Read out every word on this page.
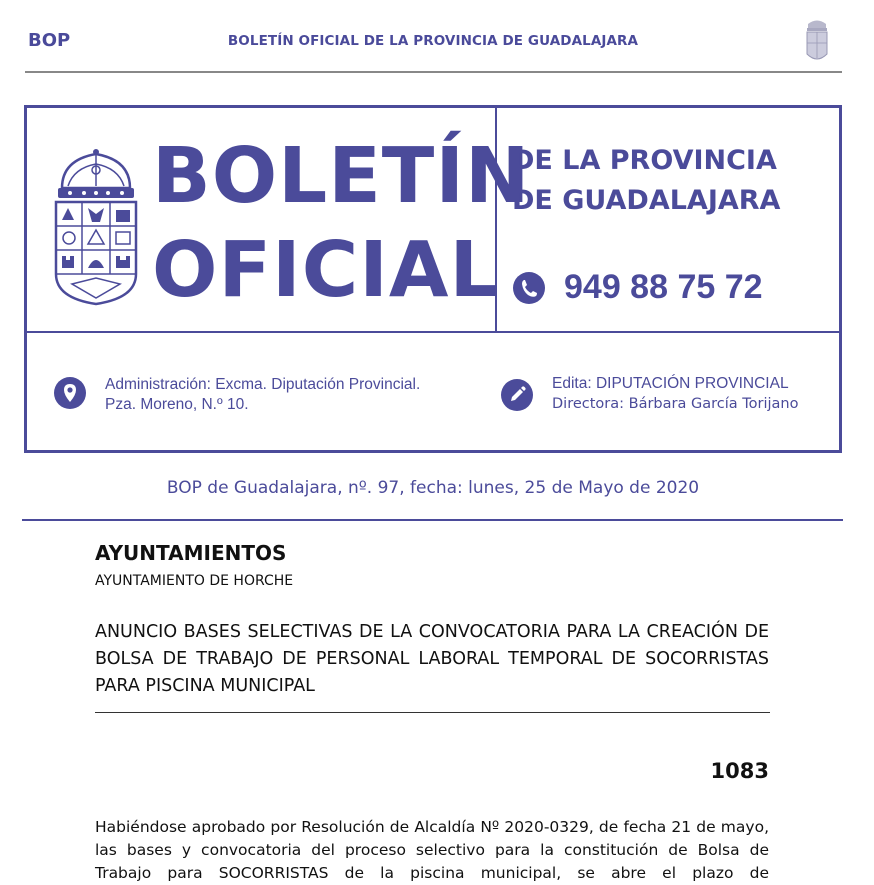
BOP	BOLETÍN OFICIAL DE LA PROVINCIA DE GUADALAJARA
BOLETÍN
OFICIAL
DE LA PROVINCIA
DE GUADALAJARA
949 88 75 72
Administración: Excma. Diputación Provincial.
Pza. Moreno, N.º 10.
Edita: DIPUTACIÓN PROVINCIAL
Directora: Bárbara García Torijano
BOP de Guadalajara, nº. 97, fecha: lunes, 25 de Mayo de 2020
AYUNTAMIENTOS
AYUNTAMIENTO DE HORCHE
ANUNCIO BASES SELECTIVAS DE LA CONVOCATORIA PARA LA CREACIÓN DE BOLSA DE TRABAJO DE PERSONAL LABORAL TEMPORAL DE SOCORRISTAS PARA PISCINA MUNICIPAL
1083
Habiéndose aprobado por Resolución de Alcaldía Nº 2020-0329, de fecha 21 de mayo, las bases y convocatoria del proceso selectivo para la constitución de Bolsa de Trabajo para SOCORRISTAS de la piscina municipal, se abre el plazo de
